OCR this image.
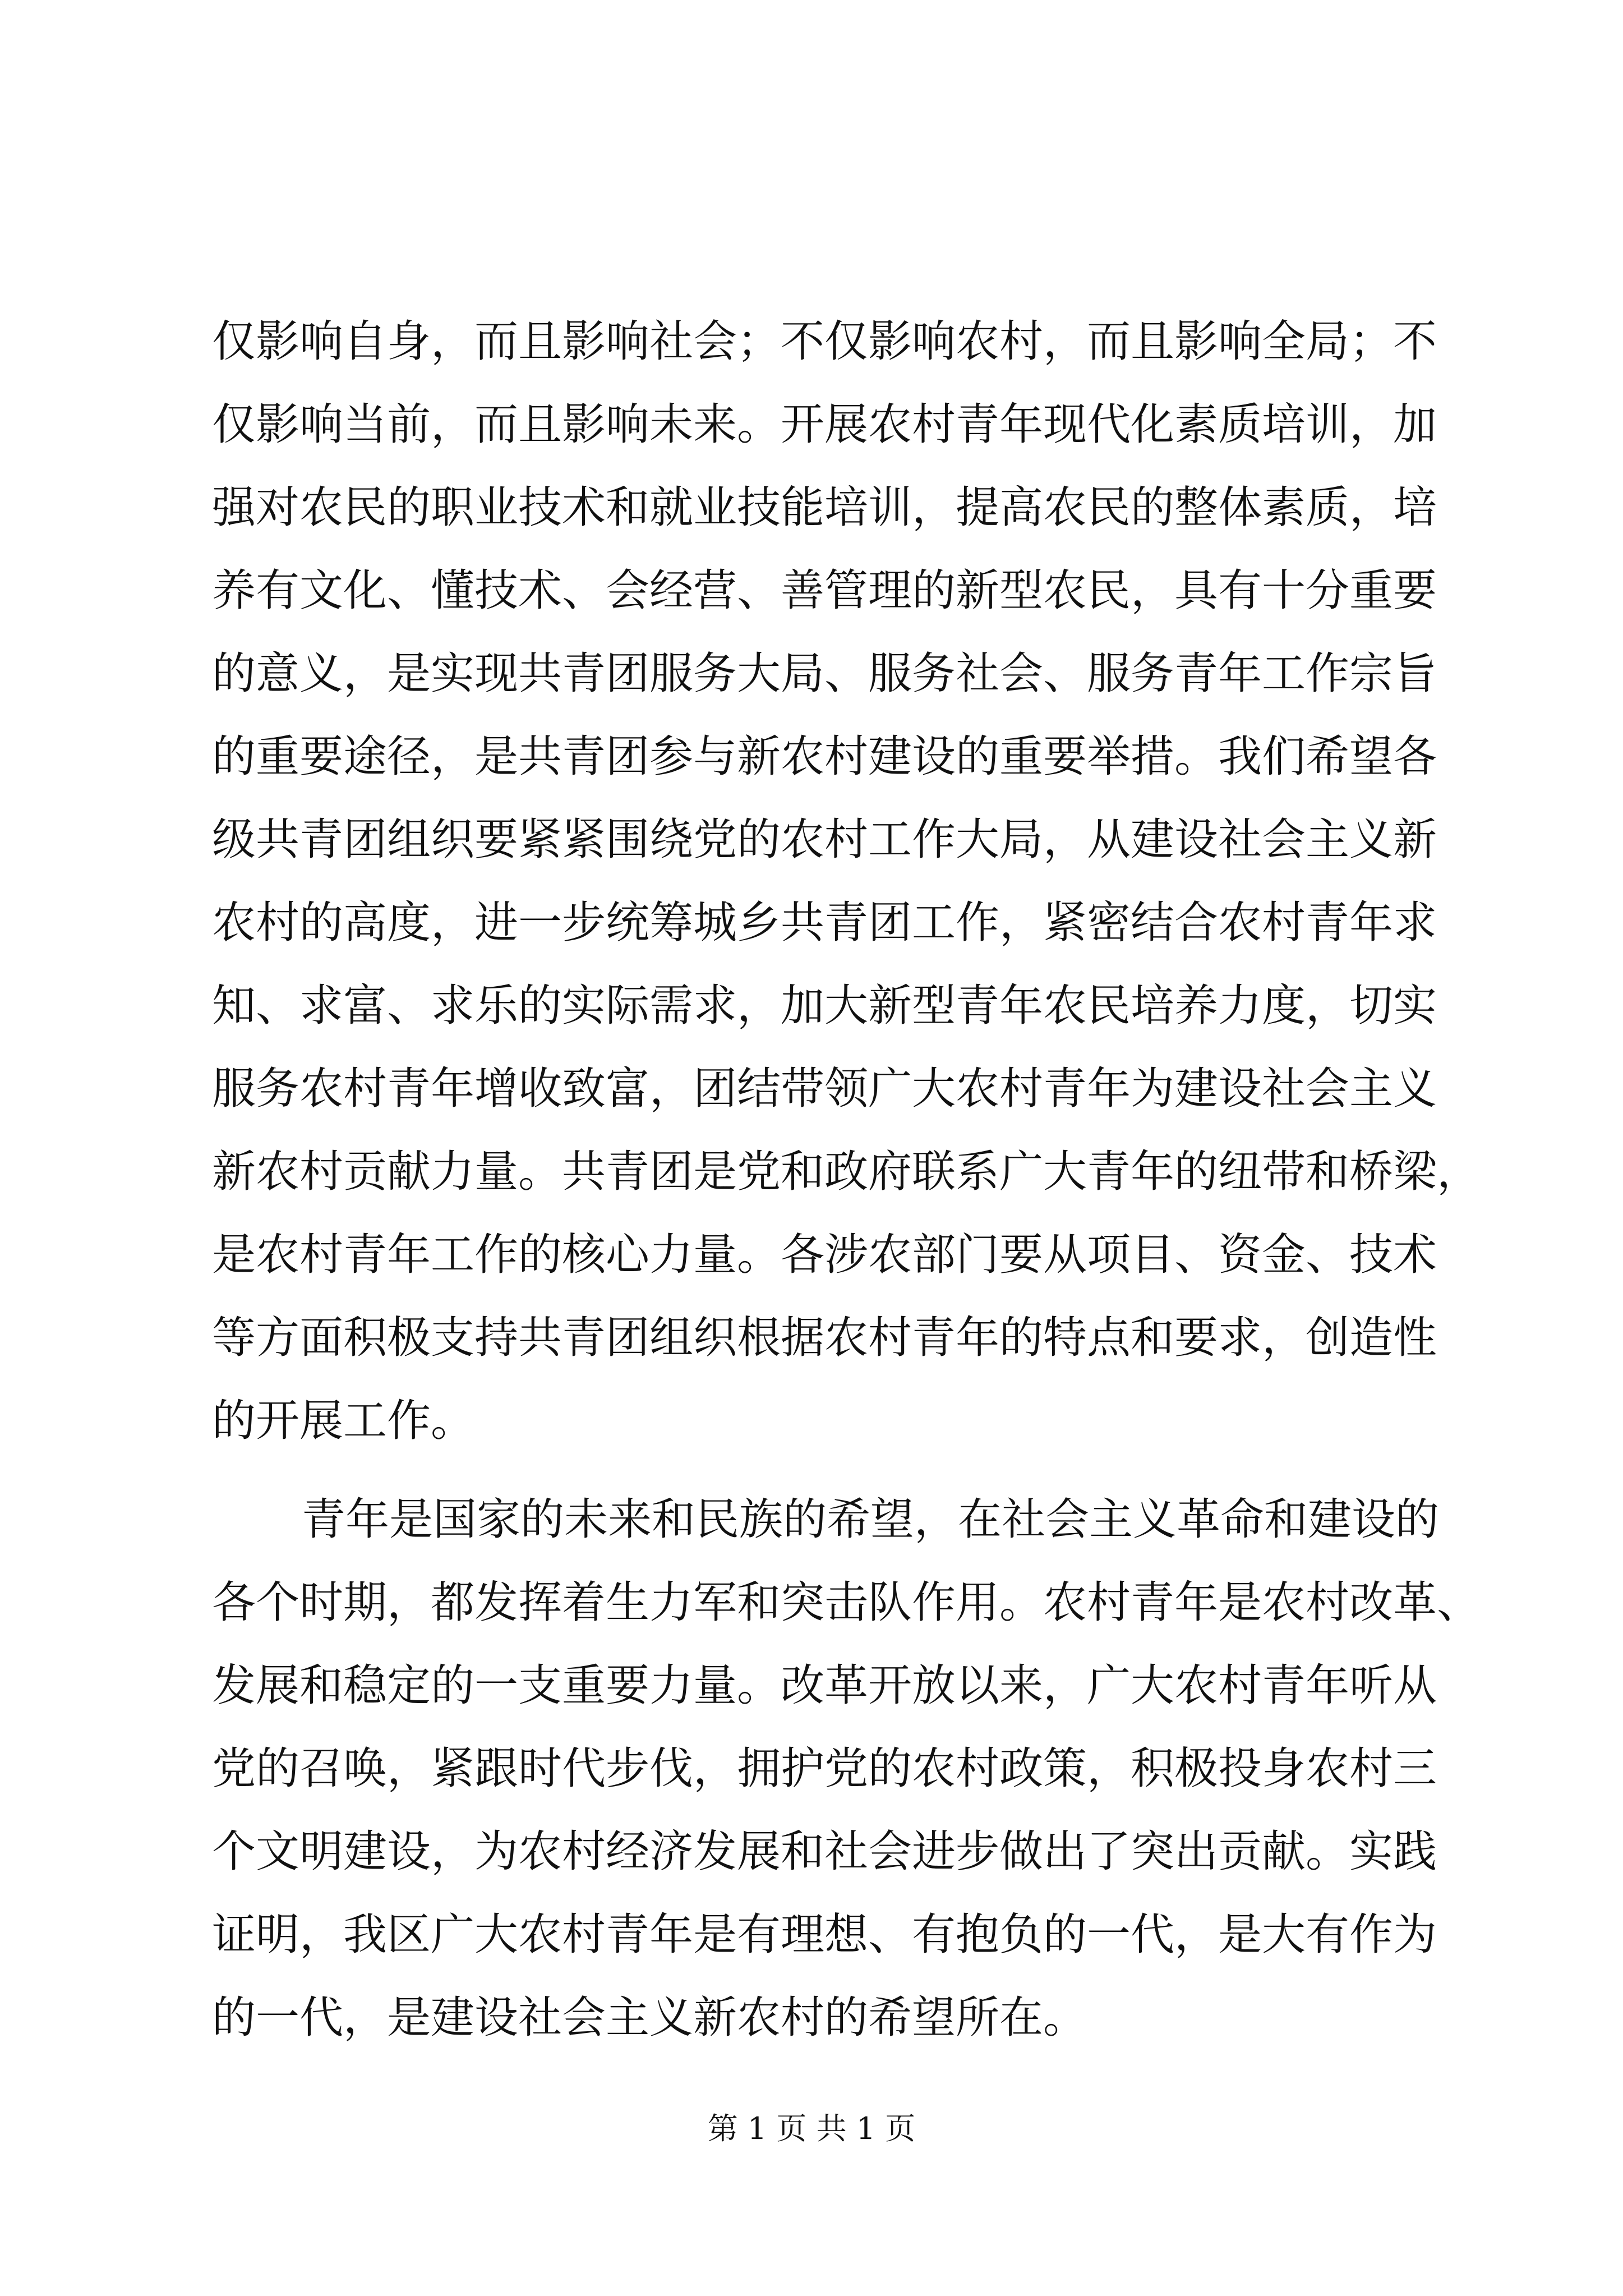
仅影响自身，而且影响社会；不仅影响农村，而且影响全局；不
仅影响当前，而且影响未来。开展农村青年现代化素质培训，加
强对农民的职业技术和就业技能培训，提高农民的整体素质，培
养有文化、懂技术、会经营、善管理的新型农民，具有十分重要
的意义，是实现共青团服务大局、服务社会、服务青年工作宗旨
的重要途径，是共青团参与新农村建设的重要举措。我们希望各
级共青团组织要紧紧围绕党的农村工作大局，从建设社会主义新
农村的高度，进一步统筹城乡共青团工作，紧密结合农村青年求
知、求富、求乐的实际需求，加大新型青年农民培养力度，切实
服务农村青年增收致富，团结带领广大农村青年为建设社会主义
新农村贡献力量。共青团是党和政府联系广大青年的纽带和桥梁，
是农村青年工作的核心力量。各涉农部门要从项目、资金、技术
等方面积极支持共青团组织根据农村青年的特点和要求，创造性
的开展工作。
青年是国家的未来和民族的希望，在社会主义革命和建设的
各个时期，都发挥着生力军和突击队作用。农村青年是农村改革、
发展和稳定的一支重要力量。改革开放以来，广大农村青年听从
党的召唤，紧跟时代步伐，拥护党的农村政策，积极投身农村三
个文明建设，为农村经济发展和社会进步做出了突出贡献。实践
证明，我区广大农村青年是有理想、有抱负的一代，是大有作为
的一代，是建设社会主义新农村的希望所在。
第 1 页 共 1 页
